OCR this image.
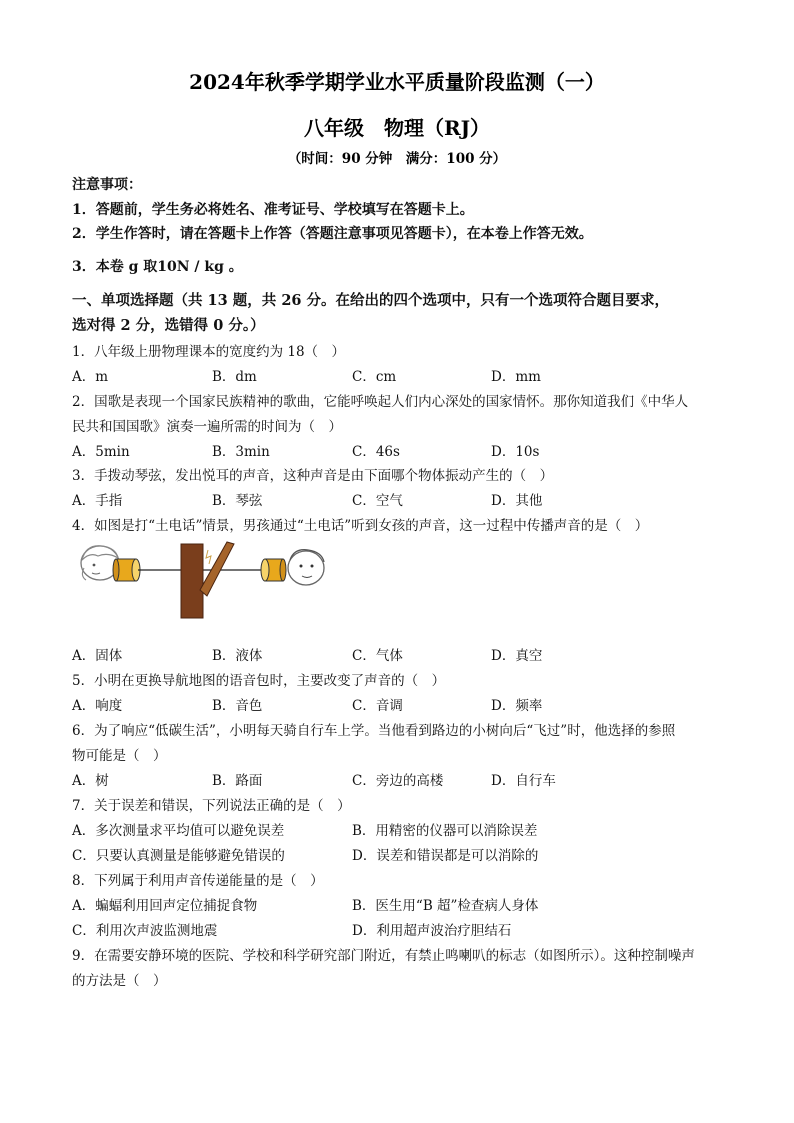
2024年秋季学期学业水平质量阶段监测（一）
八年级　物理（RJ）
（时间：90 分钟　满分：100 分）
注意事项：
1．答题前，学生务必将姓名、准考证号、学校填写在答题卡上。
2．学生作答时，请在答题卡上作答（答题注意事项见答题卡），在本卷上作答无效。
3．本卷 g 取10N / kg 。
一、单项选择题（共 13 题，共 26 分。在给出的四个选项中，只有一个选项符合题目要求，
选对得 2 分，选错得 0 分。）
1．八年级上册物理课本的宽度约为 18（　）
A．m	B．dm	C．cm	D．mm
2．国歌是表现一个国家民族精神的歌曲，它能呼唤起人们内心深处的国家情怀。那你知道我们《中华人
民共和国国歌》演奏一遍所需的时间为（　）
A．5min	B．3min	C．46s	D．10s
3．手拨动琴弦，发出悦耳的声音，这种声音是由下面哪个物体振动产生的（　）
A．手指	B．琴弦	C．空气	D．其他
4．如图是打“土电话”情景，男孩通过“土电话”听到女孩的声音，这一过程中传播声音的是（　）
A．固体	B．液体	C．气体	D．真空
5．小明在更换导航地图的语音包时，主要改变了声音的（　）
A．响度	B．音色	C．音调	D．频率
6．为了响应“低碳生活”，小明每天骑自行车上学。当他看到路边的小树向后“飞过”时，他选择的参照
物可能是（　）
A．树	B．路面	C．旁边的高楼	D．自行车
7．关于误差和错误，下列说法正确的是（　）
A．多次测量求平均值可以避免误差	B．用精密的仪器可以消除误差
C．只要认真测量是能够避免错误的	D．误差和错误都是可以消除的
8．下列属于利用声音传递能量的是（　）
A．蝙蝠利用回声定位捕捉食物	B．医生用“B 超”检查病人身体
C．利用次声波监测地震	D．利用超声波治疗胆结石
9．在需要安静环境的医院、学校和科学研究部门附近，有禁止鸣喇叭的标志（如图所示）。这种控制噪声
的方法是（　）
